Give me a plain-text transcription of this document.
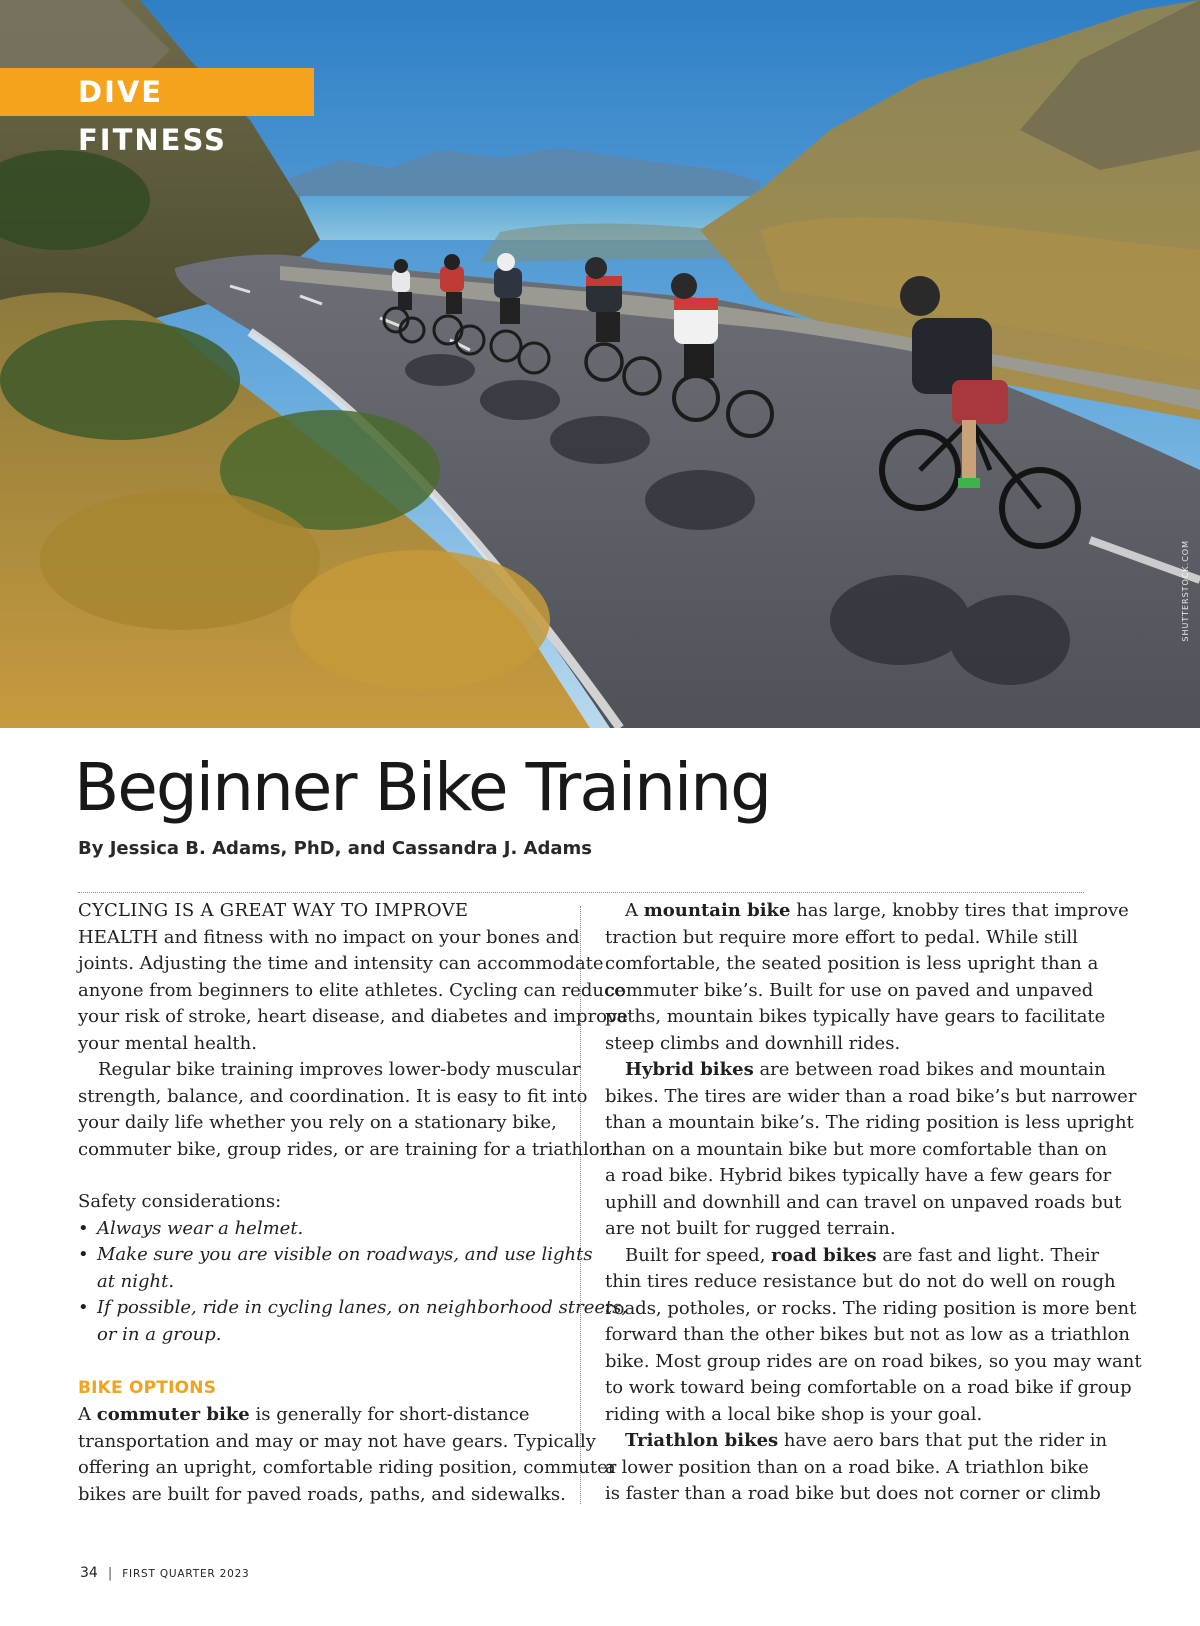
DIVE FITNESS
SHUTTERSTOCK.COM
Beginner Bike Training

By Jessica B. Adams, PhD, and Cassandra J. Adams

CYCLING IS A GREAT WAY TO IMPROVE

HEALTH and fitness with no impact on your bones and

joints. Adjusting the time and intensity can accommodate

anyone from beginners to elite athletes. Cycling can reduce

your risk of stroke, heart disease, and diabetes and improve

your mental health.

Regular bike training improves lower-body muscular

strength, balance, and coordination. It is easy to fit into

your daily life whether you rely on a stationary bike,

commuter bike, group rides, or are training for a triathlon.

Safety considerations:

• Always wear a helmet.
• Make sure you are visible on roadways, and use lights
at night.
• If possible, ride in cycling lanes, on neighborhood streets,
or in a group.
BIKE OPTIONS

A commuter bike is generally for short-distance

transportation and may or may not have gears. Typically

offering an upright, comfortable riding position, commuter

bikes are built for paved roads, paths, and sidewalks.

A mountain bike has large, knobby tires that improve

traction but require more effort to pedal. While still

comfortable, the seated position is less upright than a

commuter bike’s. Built for use on paved and unpaved

paths, mountain bikes typically have gears to facilitate

steep climbs and downhill rides.

Hybrid bikes are between road bikes and mountain

bikes. The tires are wider than a road bike’s but narrower

than a mountain bike’s. The riding position is less upright

than on a mountain bike but more comfortable than on

a road bike. Hybrid bikes typically have a few gears for

uphill and downhill and can travel on unpaved roads but

are not built for rugged terrain.

Built for speed, road bikes are fast and light. Their

thin tires reduce resistance but do not do well on rough

roads, potholes, or rocks. The riding position is more bent

forward than the other bikes but not as low as a triathlon

bike. Most group rides are on road bikes, so you may want

to work toward being comfortable on a road bike if group

riding with a local bike shop is your goal.

Triathlon bikes have aero bars that put the rider in

a lower position than on a road bike. A triathlon bike

is faster than a road bike but does not corner or climb

34 | FIRST QUARTER 2023
